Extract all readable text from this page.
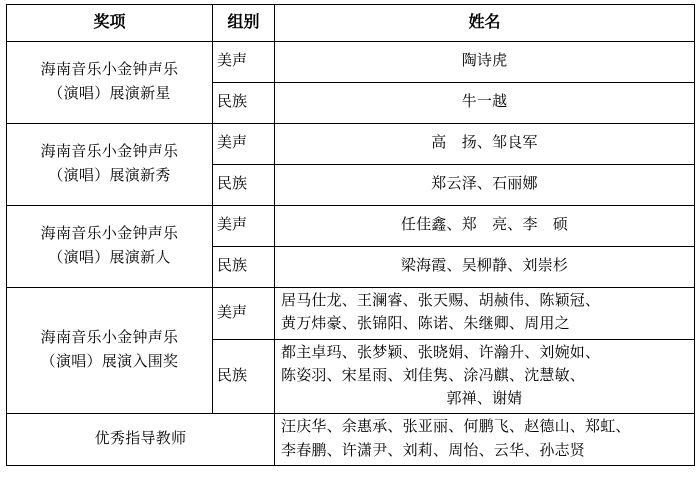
奖项	组别	姓名

海南音乐小金钟声乐
（演唱）展演新星	美声	陶诗虎

	民族	牛一越

海南音乐小金钟声乐
（演唱）展演新秀	美声	高　扬、邹良军

	民族	郑云泽、石丽娜

海南音乐小金钟声乐
（演唱）展演新人	美声	任佳鑫、郑　亮、李　硕

	民族	梁海霞、吴柳静、刘崇杉

海南音乐小金钟声乐
（演唱）展演入围奖	美声	居马仕龙、王澜睿、张天赐、胡赪伟、陈颖冠、
黄万炜豪、张锦阳、陈诺、朱继卿、周用之

	民族	都主卓玛、张梦颖、张晓娟、许瀚升、刘婉如、
陈姿羽、宋星雨、刘佳隽、涂冯麒、沈慧敏、
郭禅、谢婧

优秀指导教师		汪庆华、余惠承、张亚丽、何鹏飞、赵德山、郑虹、
李春鹏、许潇尹、刘莉、周怡、云华、孙志贤
